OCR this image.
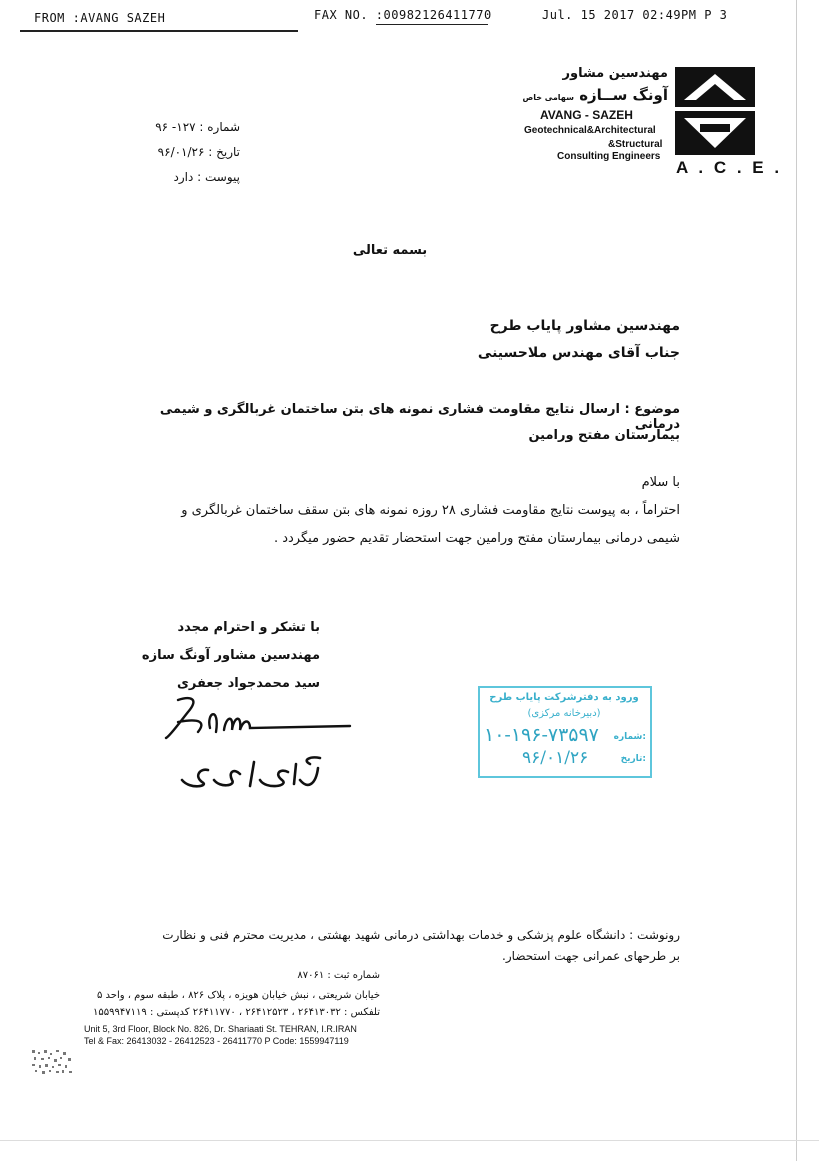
FROM :AVANG SAZEH	FAX NO. :00982126411770	Jul. 15 2017 02:49PM P 3
مهندسین مشاور
آونگ ســازه سهامی خاص
AVANG - SAZEH
Geotechnical&Architectural
&Structural
Consulting Engineers
A . C . E .
شماره : ۱۲۷- ۹۶
تاریخ : ۹۶/۰۱/۲۶
پیوست : دارد
بسمه تعالی
مهندسین مشاور پایاب طرح
جناب آقای مهندس ملاحسینی
موضوع : ارسال نتایج مقاومت فشاری نمونه های بتن ساختمان غربالگری و شیمی درمانی
بیمارستان مفتح ورامین
با سلام
احتراماً ، به پیوست نتایج مقاومت فشاری ۲۸ روزه نمونه های بتن سقف ساختمان غربالگری و
شیمی درمانی بیمارستان مفتح ورامین جهت استحضار تقدیم حضور میگردد .
با تشکر و احترام مجدد
مهندسین مشاور آونگ سازه
سید محمدجواد جعفری
ورود به دفترشرکت پایاب طرح
(دبیرخانه مرکزی)
شماره:
۱۰-۱۹۶-۷۳۵۹۷
تاریخ:
۹۶/۰۱/۲۶
رونوشت : دانشگاه علوم پزشکی و خدمات بهداشتی درمانی شهید بهشتی ، مدیریت محترم فنی و نظارت
بر طرحهای عمرانی جهت استحضار.
شماره ثبت : ۸۷۰۶۱
خیابان شریعتی ، نبش خیابان هویزه ، پلاک ۸۲۶ ، طبقه سوم ، واحد ۵
تلفکس : ۲۶۴۱۳۰۳۲ ، ۲۶۴۱۲۵۲۳ ، ۲۶۴۱۱۷۷۰ کدپستی : ۱۵۵۹۹۴۷۱۱۹
Unit 5, 3rd Floor, Block No. 826, Dr. Shariaati St. TEHRAN, I.R.IRAN
Tel & Fax: 26413032 - 26412523 - 26411770 P Code: 1559947119
